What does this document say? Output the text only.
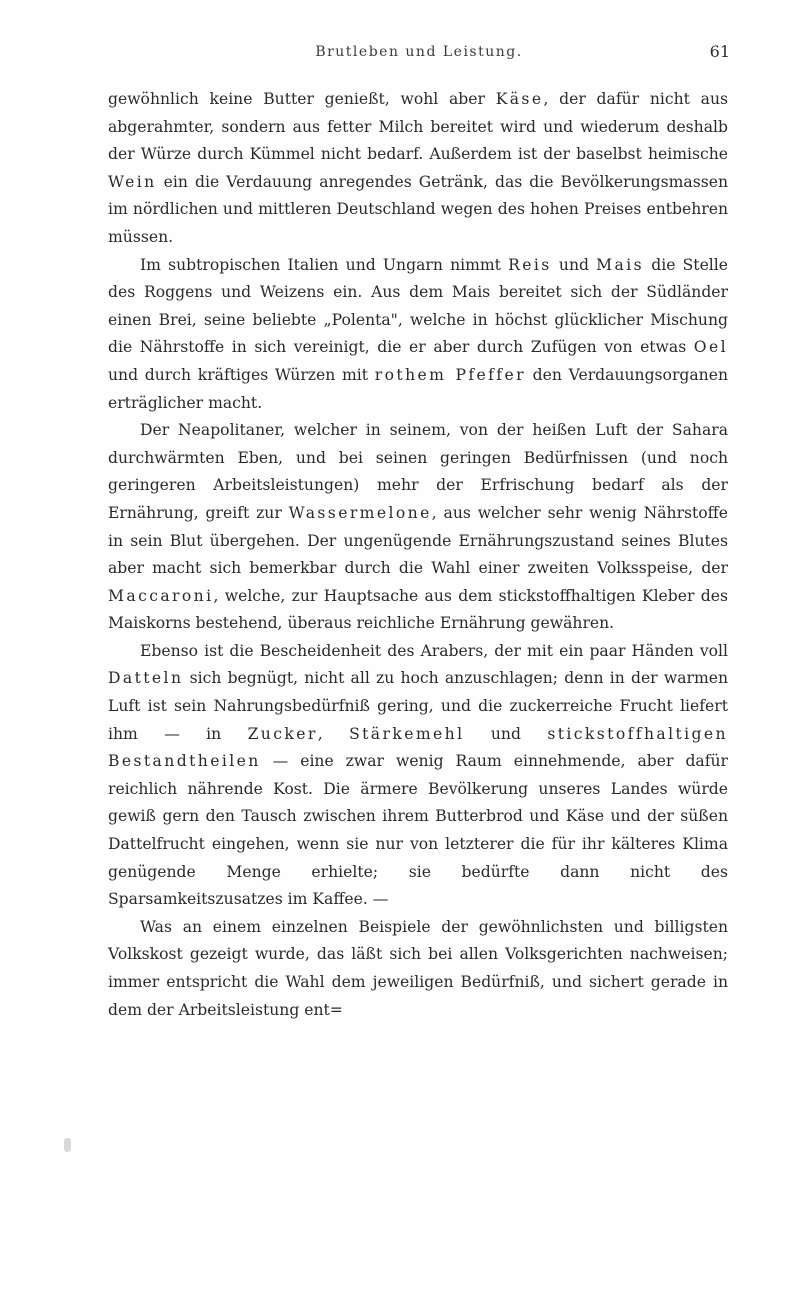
Brutleben und Leistung.	61

gewöhnlich keine Butter genießt, wohl aber Käse, der dafür nicht aus abgerahmter, sondern aus fetter Milch bereitet wird und wiederum deshalb der Würze durch Kümmel nicht bedarf. Außerdem ist der baselbst heimische Wein ein die Verdauung anregendes Getränk, das die Bevölkerungsmassen im nördlichen und mittleren Deutschland wegen des hohen Preises entbehren müssen.

Im subtropischen Italien und Ungarn nimmt Reis und Mais die Stelle des Roggens und Weizens ein. Aus dem Mais bereitet sich der Südländer einen Brei, seine beliebte „Polenta", welche in höchst glücklicher Mischung die Nährstoffe in sich vereinigt, die er aber durch Zufügen von etwas Oel und durch kräftiges Würzen mit rothem Pfeffer den Verdauungsorganen erträglicher macht.

Der Neapolitaner, welcher in seinem, von der heißen Luft der Sahara durchwärmten Eben, und bei seinen geringen Bedürfnissen (und noch geringeren Arbeitsleistungen) mehr der Erfrischung bedarf als der Ernährung, greift zur Wassermelone, aus welcher sehr wenig Nährstoffe in sein Blut übergehen. Der ungenügende Ernährungszustand seines Blutes aber macht sich bemerkbar durch die Wahl einer zweiten Volksspeise, der Maccaroni, welche, zur Hauptsache aus dem stickstoffhaltigen Kleber des Maiskorns bestehend, überaus reichliche Ernährung gewähren.

Ebenso ist die Bescheidenheit des Arabers, der mit ein paar Händen voll Datteln sich begnügt, nicht all zu hoch anzuschlagen; denn in der warmen Luft ist sein Nahrungsbedürfniß gering, und die zuckerreiche Frucht liefert ihm — in Zucker, Stärkemehl und stickstoffhaltigen Bestandtheilen — eine zwar wenig Raum einnehmende, aber dafür reichlich nährende Kost. Die ärmere Bevölkerung unseres Landes würde gewiß gern den Tausch zwischen ihrem Butterbrod und Käse und der süßen Dattelfrucht eingehen, wenn sie nur von letzterer die für ihr kälteres Klima genügende Menge erhielte; sie bedürfte dann nicht des Sparsamkeitszusatzes im Kaffee. —

Was an einem einzelnen Beispiele der gewöhnlichsten und billigsten Volkskost gezeigt wurde, das läßt sich bei allen Volksgerichten nachweisen; immer entspricht die Wahl dem jeweiligen Bedürfniß, und sichert gerade in dem der Arbeitsleistung ent=
